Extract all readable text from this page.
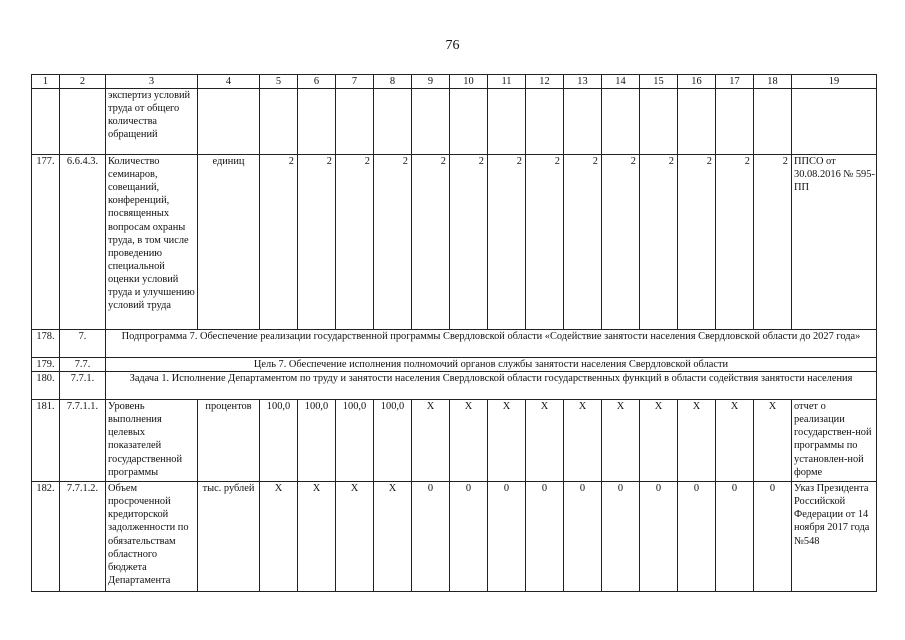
76
1	2	3	4	5	6	7	8	9	10	11	12	13	14	15	16	17	18	19
		экспертиз условий труда от общего количества обращений																
177.	6.6.4.3.	Количество семинаров, совещаний, конференций, посвященных вопросам охраны труда, в том числе проведению специальной оценки условий труда и улучшению условий труда	единиц	2	2	2	2	2	2	2	2	2	2	2	2	2	2	ППСО от 30.08.2016 № 595-ПП
178.	7.	Подпрограмма 7. Обеспечение реализации государственной программы Свердловской области «Содействие занятости населения Свердловской области до 2027 года»																
179.	7.7.	Цель 7. Обеспечение исполнения полномочий органов службы занятости населения Свердловской области																
180.	7.7.1.	Задача 1. Исполнение Департаментом по труду и занятости населения Свердловской области государственных функций в области содействия занятости населения																
181.	7.7.1.1.	Уровень выполнения целевых показателей государственной программы	процентов	100,0	100,0	100,0	100,0	X	X	X	X	X	X	X	X	X	X	отчет о реализации государствен-ной программы по установлен-ной форме
182.	7.7.1.2.	Объем просроченной кредиторской задолженности по обязательствам областного бюджета Департамента	тыс. рублей	X	X	X	X	0	0	0	0	0	0	0	0	0	0	Указ Президента Российской Федерации от 14 ноября 2017 года №548
